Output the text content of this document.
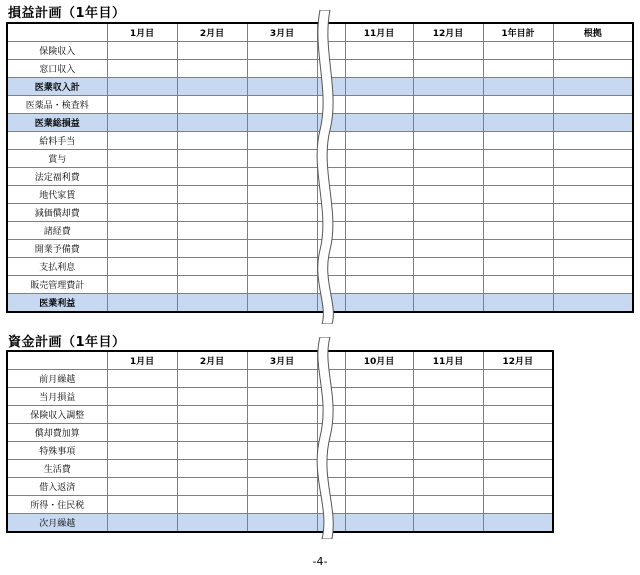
損益計画（1年目）
	1月目	2月目	3月目		11月目	12月目	1年目計	根拠
保険収入								
窓口収入								
医業収入計								
医薬品・検査料								
医業総損益								
給料手当								
賞与								
法定福利費								
地代家賃								
減価償却費								
諸経費								
開業予備費								
支払利息								
販売管理費計								
医業利益								
資金計画（1年目）
	1月目	2月目	3月目		10月目	11月目	12月目
前月繰越							
当月損益							
保険収入調整							
償却費加算							
特殊事項							
生活費							
借入返済							
所得・住民税							
次月繰越							
-4-
